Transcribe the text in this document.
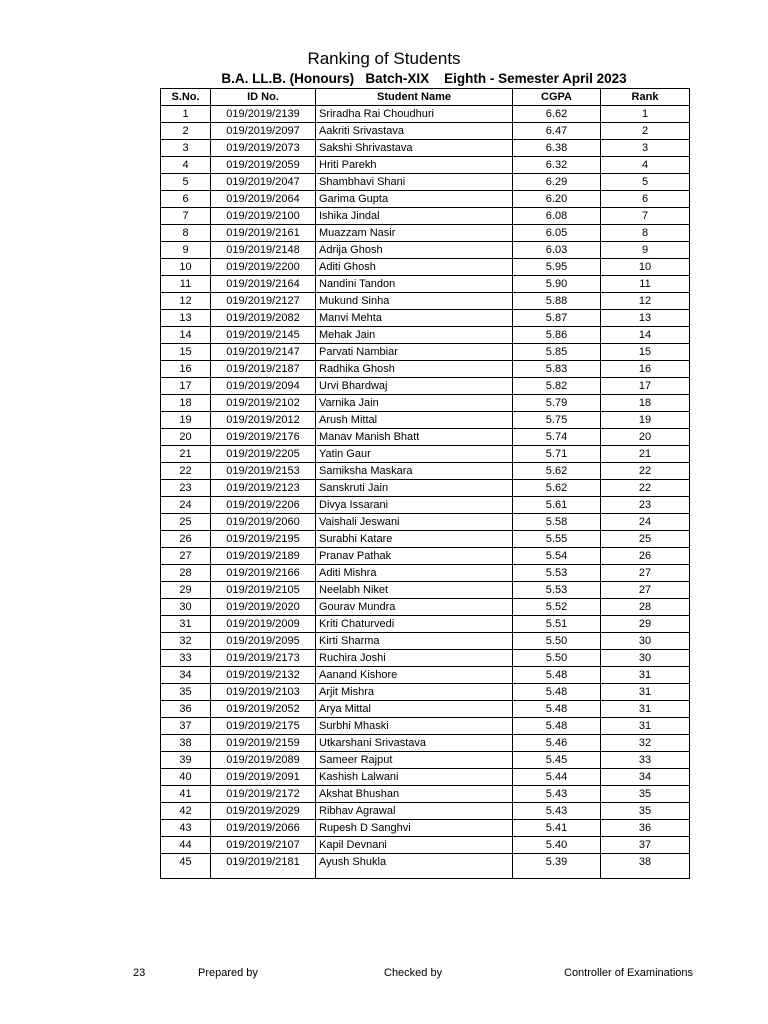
Ranking of Students
B.A. LL.B. (Honours)   Batch-XIX    Eighth - Semester April 2023
S.No.	ID No.	Student Name	CGPA	Rank
1	019/2019/2139	Sriradha Rai Choudhuri	6.62	1
2	019/2019/2097	Aakriti Srivastava	6.47	2
3	019/2019/2073	Sakshi Shrivastava	6.38	3
4	019/2019/2059	Hriti Parekh	6.32	4
5	019/2019/2047	Shambhavi Shani	6.29	5
6	019/2019/2064	Garima Gupta	6.20	6
7	019/2019/2100	Ishika Jindal	6.08	7
8	019/2019/2161	Muazzam Nasir	6.05	8
9	019/2019/2148	Adrija Ghosh	6.03	9
10	019/2019/2200	Aditi Ghosh	5.95	10
11	019/2019/2164	Nandini Tandon	5.90	11
12	019/2019/2127	Mukund Sinha	5.88	12
13	019/2019/2082	Manvi Mehta	5.87	13
14	019/2019/2145	Mehak Jain	5.86	14
15	019/2019/2147	Parvati Nambiar	5.85	15
16	019/2019/2187	Radhika Ghosh	5.83	16
17	019/2019/2094	Urvi Bhardwaj	5.82	17
18	019/2019/2102	Varnika Jain	5.79	18
19	019/2019/2012	Arush Mittal	5.75	19
20	019/2019/2176	Manav Manish Bhatt	5.74	20
21	019/2019/2205	Yatin Gaur	5.71	21
22	019/2019/2153	Samiksha Maskara	5.62	22
23	019/2019/2123	Sanskruti Jain	5.62	22
24	019/2019/2206	Divya Issarani	5.61	23
25	019/2019/2060	Vaishali Jeswani	5.58	24
26	019/2019/2195	Surabhi Katare	5.55	25
27	019/2019/2189	Pranav Pathak	5.54	26
28	019/2019/2166	Aditi Mishra	5.53	27
29	019/2019/2105	Neelabh Niket	5.53	27
30	019/2019/2020	Gourav Mundra	5.52	28
31	019/2019/2009	Kriti Chaturvedi	5.51	29
32	019/2019/2095	Kirti Sharma	5.50	30
33	019/2019/2173	Ruchira Joshi	5.50	30
34	019/2019/2132	Aanand Kishore	5.48	31
35	019/2019/2103	Arjit Mishra	5.48	31
36	019/2019/2052	Arya Mittal	5.48	31
37	019/2019/2175	Surbhi Mhaski	5.48	31
38	019/2019/2159	Utkarshani Srivastava	5.46	32
39	019/2019/2089	Sameer Rajput	5.45	33
40	019/2019/2091	Kashish Lalwani	5.44	34
41	019/2019/2172	Akshat Bhushan	5.43	35
42	019/2019/2029	Ribhav Agrawal	5.43	35
43	019/2019/2066	Rupesh D Sanghvi	5.41	36
44	019/2019/2107	Kapil Devnani	5.40	37
45	019/2019/2181	Ayush Shukla	5.39	38

23	Prepared by	Checked by	Controller of Examinations
